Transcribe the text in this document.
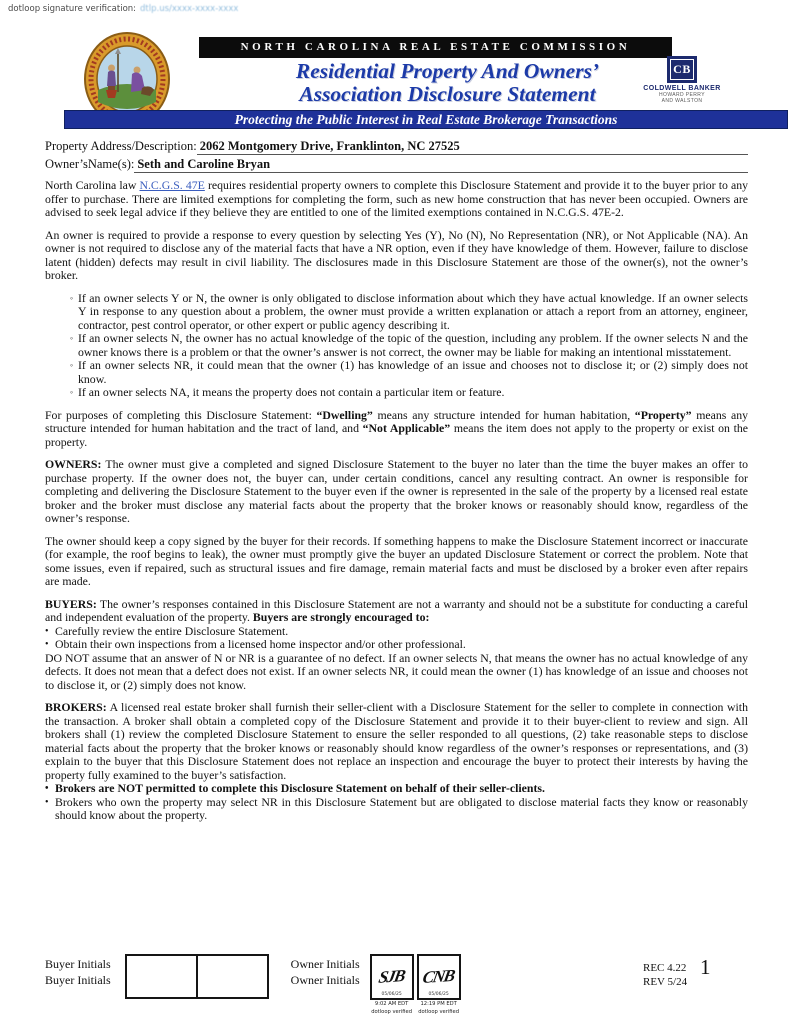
dotloop signature verification: dtlp.us/xxxx-xxxx-xxxx
NORTH CAROLINA REAL ESTATE COMMISSION
Residential Property And Owners’
Association Disclosure Statement
CB
COLDWELL BANKER
HOWARD PERRY
AND WALSTON
Protecting the Public Interest in Real Estate Brokerage Transactions
Property Address/Description: 2062 Montgomery Drive, Franklinton, NC 27525
Owner’sName(s): Seth and Caroline Bryan
North Carolina law N.C.G.S. 47E requires residential property owners to complete this Disclosure Statement and provide it to the buyer prior to any offer to purchase. There are limited exemptions for completing the form, such as new home construction that has never been occupied. Owners are advised to seek legal advice if they believe they are entitled to one of the limited exemptions contained in N.C.G.S. 47E-2.
An owner is required to provide a response to every question by selecting Yes (Y), No (N), No Representation (NR), or Not Applicable (NA). An owner is not required to disclose any of the material facts that have a NR option, even if they have knowledge of them. However, failure to disclose latent (hidden) defects may result in civil liability. The disclosures made in this Disclosure Statement are those of the owner(s), not the owner’s broker.
◦ If an owner selects Y or N, the owner is only obligated to disclose information about which they have actual knowledge. If an owner selects Y in response to any question about a problem, the owner must provide a written explanation or attach a report from an attorney, engineer, contractor, pest control operator, or other expert or public agency describing it.
◦ If an owner selects N, the owner has no actual knowledge of the topic of the question, including any problem. If the owner selects N and the owner knows there is a problem or that the owner’s answer is not correct, the owner may be liable for making an intentional misstatement.
◦ If an owner selects NR, it could mean that the owner (1) has knowledge of an issue and chooses not to disclose it; or (2) simply does not know.
◦ If an owner selects NA, it means the property does not contain a particular item or feature.
For purposes of completing this Disclosure Statement: “Dwelling” means any structure intended for human habitation, “Property” means any structure intended for human habitation and the tract of land, and “Not Applicable” means the item does not apply to the property or exist on the property.
OWNERS: The owner must give a completed and signed Disclosure Statement to the buyer no later than the time the buyer makes an offer to purchase property. If the owner does not, the buyer can, under certain conditions, cancel any resulting contract. An owner is responsible for completing and delivering the Disclosure Statement to the buyer even if the owner is represented in the sale of the property by a licensed real estate broker and the broker must disclose any material facts about the property that the broker knows or reasonably should know, regardless of the owner’s response.
The owner should keep a copy signed by the buyer for their records. If something happens to make the Disclosure Statement incorrect or inaccurate (for example, the roof begins to leak), the owner must promptly give the buyer an updated Disclosure Statement or correct the problem. Note that some issues, even if repaired, such as structural issues and fire damage, remain material facts and must be disclosed by a broker even after repairs are made.
BUYERS: The owner’s responses contained in this Disclosure Statement are not a warranty and should not be a substitute for conducting a careful and independent evaluation of the property. Buyers are strongly encouraged to:
• Carefully review the entire Disclosure Statement.
• Obtain their own inspections from a licensed home inspector and/or other professional.
DO NOT assume that an answer of N or NR is a guarantee of no defect. If an owner selects N, that means the owner has no actual knowledge of any defects. It does not mean that a defect does not exist. If an owner selects NR, it could mean the owner (1) has knowledge of an issue and chooses not to disclose it, or (2) simply does not know.
BROKERS: A licensed real estate broker shall furnish their seller-client with a Disclosure Statement for the seller to complete in connection with the transaction. A broker shall obtain a completed copy of the Disclosure Statement and provide it to their buyer-client to review and sign. All brokers shall (1) review the completed Disclosure Statement to ensure the seller responded to all questions, (2) take reasonable steps to disclose material facts about the property that the broker knows or reasonably should know regardless of the owner’s responses or representations, and (3) explain to the buyer that this Disclosure Statement does not replace an inspection and encourage the buyer to protect their interests by having the property fully examined to the buyer’s satisfaction.
• Brokers are NOT permitted to complete this Disclosure Statement on behalf of their seller-clients.
• Brokers who own the property may select NR in this Disclosure Statement but are obligated to disclose material facts they know or reasonably should know about the property.
Buyer Initials
Buyer Initials
Owner Initials
Owner Initials SJB
05/06/25
9:02 AM EDT
dotloop verified
CNB
05/06/25
12:19 PM EDT
dotloop verified
REC 4.22
REV 5/24
1
